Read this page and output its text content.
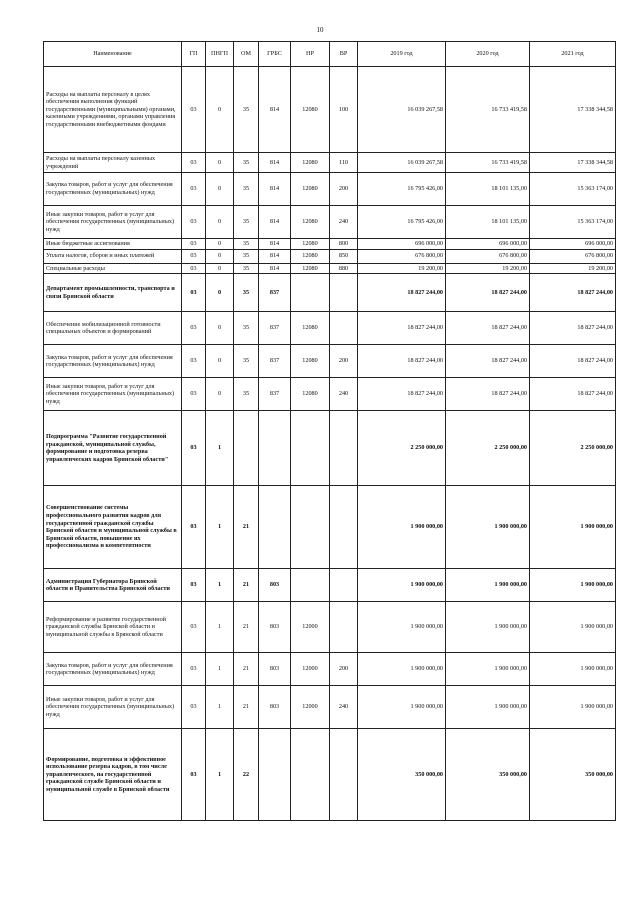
10
Наименование	ГП	ПНГП	ОМ	ГРБС	НР	ВР	2019 год	2020 год	2021 год
Расходы на выплаты персоналу в целях обеспечения выполнения функций государственными (муниципальными) органами, казенными учреждениями, органами управления государственными внебюджетными фондами	03	0	35	814	12080	100	16 039 267,58	16 733 419,58	17 338 344,58
Расходы на выплаты персоналу казенных учреждений	03	0	35	814	12080	110	16 039 267,58	16 733 419,58	17 338 344,58
Закупка товаров, работ и услуг для обеспечения государственных (муниципальных) нужд	03	0	35	814	12080	200	16 795 426,00	18 101 135,00	15 363 174,00
Иные закупки товаров, работ и услуг для обеспечения государственных (муниципальных) нужд	03	0	35	814	12080	240	16 795 426,00	18 101 135,00	15 363 174,00
Иные бюджетные ассигнования	03	0	35	814	12080	800	696 000,00	696 000,00	696 000,00
Уплата налогов, сборов и иных платежей	03	0	35	814	12080	850	676 800,00	676 800,00	676 800,00
Специальные расходы	03	0	35	814	12080	880	19 200,00	19 200,00	19 200,00
Департамент промышленности, транспорта и связи Брянской области	03	0	35	837			18 827 244,00	18 827 244,00	18 827 244,00
Обеспечение мобилизационной готовности специальных объектов и формирований	03	0	35	837	12080		18 827 244,00	18 827 244,00	18 827 244,00
Закупка товаров, работ и услуг для обеспечения государственных (муниципальных) нужд	03	0	35	837	12080	200	18 827 244,00	18 827 244,00	18 827 244,00
Иные закупки товаров, работ и услуг для обеспечения государственных (муниципальных) нужд	03	0	35	837	12080	240	18 827 244,00	18 827 244,00	18 827 244,00
Подпрограмма "Развитие государственной гражданской, муниципальной службы, формирование и подготовка резерва управленческих кадров Брянской области"	03	1					2 250 000,00	2 250 000,00	2 250 000,00
Совершенствование системы профессионального развития кадров для государственной гражданской службы Брянской области и муниципальной службы в Брянской области, повышение их профессионализма и компетентности	03	1	21				1 900 000,00	1 900 000,00	1 900 000,00
Администрация Губернатора Брянской области и Правительства Брянской области	03	1	21	803			1 900 000,00	1 900 000,00	1 900 000,00
Реформирование и развитие государственной гражданской службы Брянской области и муниципальной службы в Брянской области	03	1	21	803	12000		1 900 000,00	1 900 000,00	1 900 000,00
Закупка товаров, работ и услуг для обеспечения государственных (муниципальных) нужд	03	1	21	803	12000	200	1 900 000,00	1 900 000,00	1 900 000,00
Иные закупки товаров, работ и услуг для обеспечения государственных (муниципальных) нужд	03	1	21	803	12000	240	1 900 000,00	1 900 000,00	1 900 000,00
Формирование, подготовка и эффективное использование резерва кадров, в том числе управленческого, на государственной гражданской службе Брянской области и муниципальной службе в Брянской области	03	1	22				350 000,00	350 000,00	350 000,00
